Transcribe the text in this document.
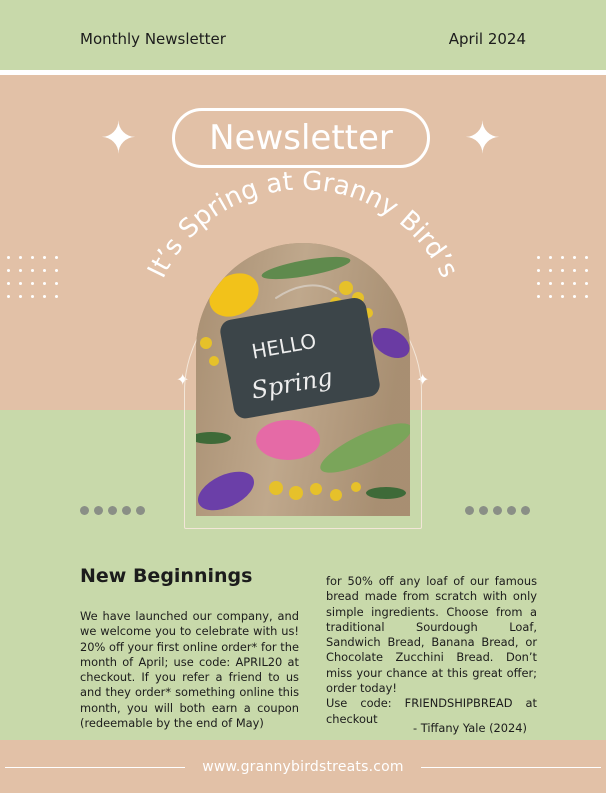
Monthly Newsletter	April 2024
✦	✦
✦	✦
Newsletter
HELLO
Spring
It’s Spring at Granny Bird’s
New Beginnings

We have launched our company, and we welcome you to celebrate with us! 20% off your first online order* for the month of April; use code: APRIL20 at checkout. If you refer a friend to us and they order* something online this month, you will both earn a coupon (redeemable by the end of May)

for 50% off any loaf of our famous bread made from scratch with only simple ingredients. Choose from a traditional Sourdough Loaf, Sandwich Bread, Banana Bread, or Chocolate Zucchini Bread. Don’t miss your chance at this great offer; order today!

Use code: FRIENDSHIPBREAD at checkout

- Tiffany Yale (2024)
www.grannybirdstreats.com
